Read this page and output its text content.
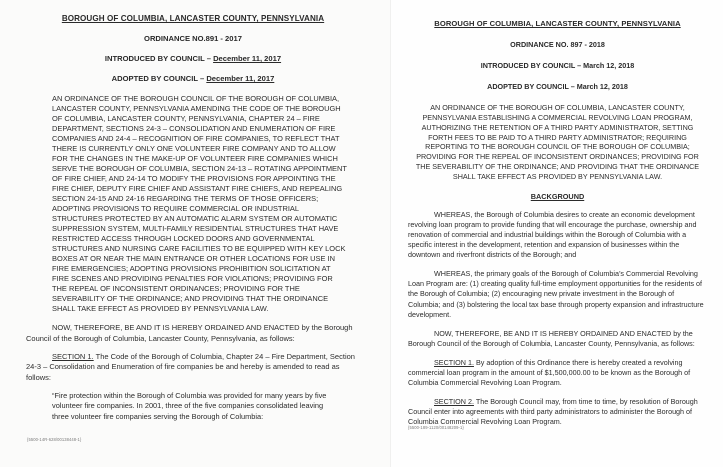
BOROUGH OF COLUMBIA, LANCASTER COUNTY, PENNSYLVANIA
ORDINANCE NO.891 - 2017
INTRODUCED BY COUNCIL – December 11, 2017
ADOPTED BY COUNCIL – December 11, 2017
AN ORDINANCE OF THE BOROUGH COUNCIL OF THE BOROUGH OF COLUMBIA, LANCASTER COUNTY, PENNSYLVANIA AMENDING THE CODE OF THE BOROUGH OF COLUMBIA, LANCASTER COUNTY, PENNSYLVANIA, CHAPTER 24 – FIRE DEPARTMENT, SECTIONS 24-3 – CONSOLIDATION AND ENUMERATION OF FIRE COMPANIES AND 24-4 – RECOGNITION OF FIRE COMPANIES, TO REFLECT THAT THERE IS CURRENTLY ONLY ONE VOLUNTEER FIRE COMPANY AND TO ALLOW FOR THE CHANGES IN THE MAKE-UP OF VOLUNTEER FIRE COMPANIES WHICH SERVE THE BOROUGH OF COLUMBIA, SECTION 24-13 – ROTATING APPOINTMENT OF FIRE CHIEF, AND 24-14 TO MODIFY THE PROVISIONS FOR APPOINTING THE FIRE CHIEF, DEPUTY FIRE CHIEF AND ASSISTANT FIRE CHIEFS, AND REPEALING SECTION 24-15 AND 24-16 REGARDING THE TERMS OF THOSE OFFICERS; ADOPTING PROVISIONS TO REQUIRE COMMERCIAL OR INDUSTRIAL STRUCTURES PROTECTED BY AN AUTOMATIC ALARM SYSTEM OR AUTOMATIC SUPPRESSION SYSTEM, MULTI-FAMILY RESIDENTIAL STRUCTURES THAT HAVE RESTRICTED ACCESS THROUGH LOCKED DOORS AND GOVERNMENTAL STRUCTURES AND NURSING CARE FACILITIES TO BE EQUIPPED WITH KEY LOCK BOXES AT OR NEAR THE MAIN ENTRANCE OR OTHER LOCATIONS FOR USE IN FIRE EMERGENCIES; ADOPTING PROVISIONS PROHIBITION SOLICITATION AT FIRE SCENES AND PROVIDING PENALTIES FOR VIOLATIONS; PROVIDING FOR THE REPEAL OF INCONSISTENT ORDINANCES; PROVIDING FOR THE SEVERABILITY OF THE ORDINANCE; AND PROVIDING THAT THE ORDINANCE SHALL TAKE EFFECT AS PROVIDED BY PENNSYLVANIA LAW.

NOW, THEREFORE, BE AND IT IS HEREBY ORDAINED AND ENACTED by the Borough Council of the Borough of Columbia, Lancaster County, Pennsylvania, as follows:

SECTION 1. The Code of the Borough of Columbia, Chapter 24 – Fire Department, Section 24-3 – Consolidation and Enumeration of fire companies be and hereby is amended to read as follows:

“Fire protection within the Borough of Columbia was provided for many years by five volunteer fire companies. In 2001, three of the five companies consolidated leaving three volunteer fire companies serving the Borough of Columbia:

{5500-14R-628/00138448-1}
BOROUGH OF COLUMBIA, LANCASTER COUNTY, PENNSYLVANIA
ORDINANCE NO. 897 - 2018
INTRODUCED BY COUNCIL – March 12, 2018
ADOPTED BY COUNCIL – March 12, 2018
AN ORDINANCE OF THE BOROUGH OF COLUMBIA, LANCASTER COUNTY, PENNSYLVANIA ESTABLISHING A COMMERCIAL REVOLVING LOAN PROGRAM, AUTHORIZING THE RETENTION OF A THIRD PARTY ADMINISTRATOR, SETTING FORTH FEES TO BE PAID TO A THIRD PARTY ADMINISTRATOR; REQUIRING REPORTING TO THE BOROUGH COUNCIL OF THE BOROUGH OF COLUMBIA; PROVIDING FOR THE REPEAL OF INCONSISTENT ORDINANCES; PROVIDING FOR THE SEVERABILITY OF THE ORDINANCE; AND PROVIDING THAT THE ORDINANCE SHALL TAKE EFFECT AS PROVIDED BY PENNSYLVANIA LAW.
BACKGROUND

WHEREAS, the Borough of Columbia desires to create an economic development revolving loan program to provide funding that will encourage the purchase, ownership and renovation of commercial and industrial buildings within the Borough of Columbia with a specific interest in the development, retention and expansion of businesses within the downtown and riverfront districts of the Borough; and

WHEREAS, the primary goals of the Borough of Columbia’s Commercial Revolving Loan Program are: (1) creating quality full-time employment opportunities for the residents of the Borough of Columbia; (2) encouraging new private investment in the Borough of Columbia; and (3) bolstering the local tax base through property expansion and infrastructure development.

NOW, THEREFORE, BE AND IT IS HEREBY ORDAINED AND ENACTED by the Borough Council of the Borough of Columbia, Lancaster County, Pennsylvania, as follows:

SECTION 1. By adoption of this Ordinance there is hereby created a revolving commercial loan program in the amount of $1,500,000.00 to be known as the Borough of Columbia Commercial Revolving Loan Program.

SECTION 2. The Borough Council may, from time to time, by resolution of Borough Council enter into agreements with third party administrators to administer the Borough of Columbia Commercial Revolving Loan Program.

{5500-189-1120/00148209-1}
